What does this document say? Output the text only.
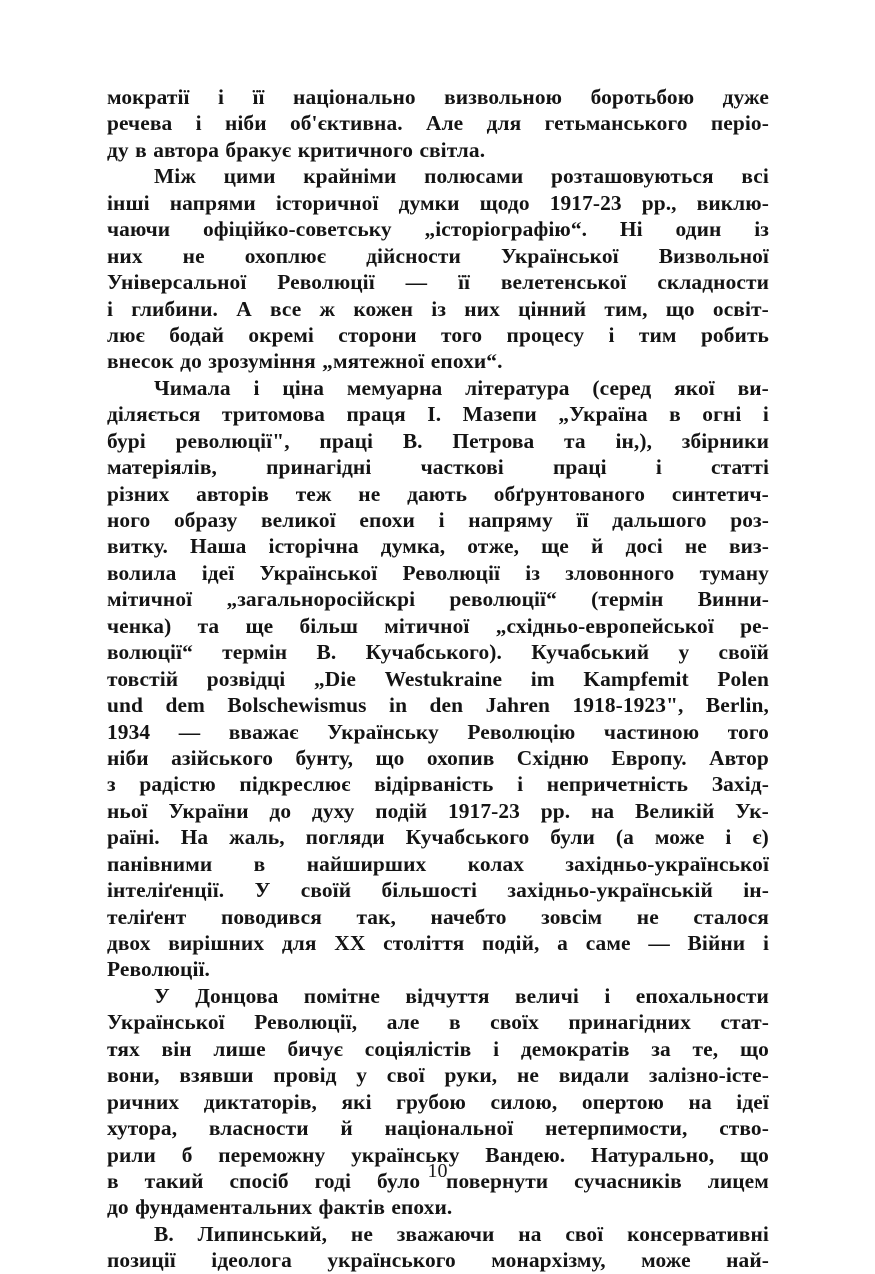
мократії і її національно визвольною боротьбою дуже
речева і ніби об'єктивна. Але для гетьманського періо-
ду в автора бракує критичного світла.
Між цими крайніми полюсами розташовуються всі
інші напрями історичної думки щодо 1917-23 рр., виклю-
чаючи офіційко-советську „історіографію“. Ні один із
них не охоплює дійсности Української Визвольної
Універсальної Революції — її велетенської складности
і глибини. А все ж кожен із них цінний тим, що освіт-
лює бодай окремі сторони того процесу і тим робить
внесок до зрозуміння „мятежної епохи“.
Чимала і ціна мемуарна література (серед якої ви-
діляється тритомова праця І. Мазепи „Україна в огні і
бурі революції", праці В. Петрова та ін,), збірники
матеріялів, принагідні часткові праці і статті
різних авторів теж не дають обґрунтованого синтетич-
ного образу великої епохи і напряму її дальшого роз-
витку. Наша історічна думка, отже, ще й досі не виз-
волила ідеї Української Революції із зловонного туману
мітичної „загальноросійскрі революції“ (термін Винни-
ченка) та ще більш мітичної „східньо-европейської ре-
волюції“ термін В. Кучабського). Кучабський у своїй
товстій розвідці „Die Westukraine im Kampfemit Polen
und dem Bolschewismus in den Jahren 1918-1923", Berlin,
1934 — вважає Українську Революцію частиною того
ніби азійського бунту, що охопив Східню Европу. Автор
з радістю підкреслює відірваність і непричетність Захід-
ньої України до духу подій 1917-23 рр. на Великій Ук-
раїні. На жаль, погляди Кучабського були (а може і є)
панівними в найширших колах західньо-української
інтеліґенції. У своїй більшості західньо-українській ін-
теліґент поводився так, начебто зовсім не сталося
двох вирішних для XX століття подій, а саме — Війни і
Революції.
У Донцова помітне відчуття величі і епохальности
Української Революції, але в своїх принагідних стат-
тях він лише бичує соціялістів і демократів за те, що
вони, взявши провід у свої руки, не видали залізно-істе-
ричних диктаторів, які грубою силою, опертою на ідеї
хутора, власности й національної нетерпимости, ство-
рили б переможну українську Вандею. Натурально, що
в такий спосіб годі було повернути сучасників лицем
до фундаментальних фактів епохи.
В. Липинський, не зважаючи на свої консервативні
позиції ідеолога українського монархізму, може най-
10
